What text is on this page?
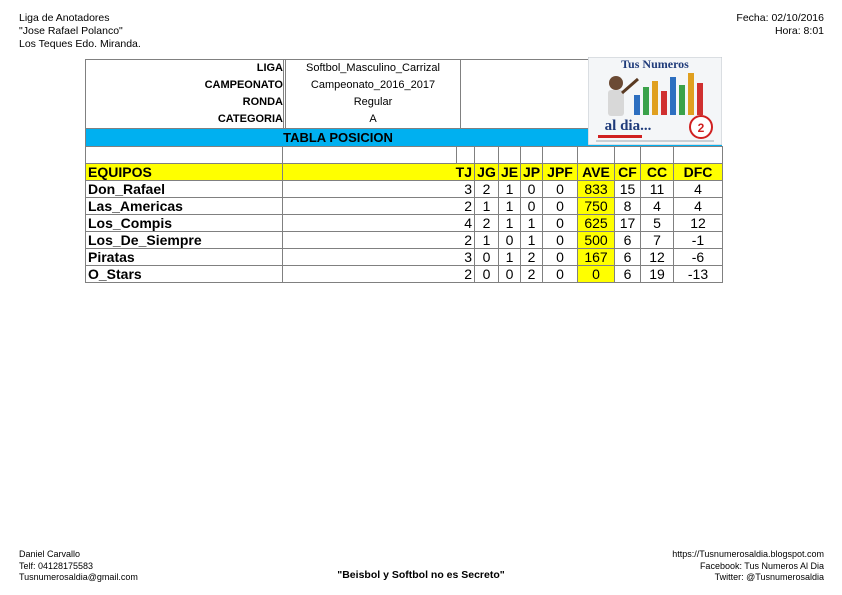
Liga de Anotadores
"Jose Rafael Polanco"
Los Teques Edo. Miranda.
Fecha: 02/10/2016
Hora: 8:01
LIGA	Softbol_Masculino_Carrizal
CAMPEONATO	Campeonato_2016_2017
RONDA	Regular
CATEGORIA	A
TABLA POSICION
Tus Numeros
al dia...	2

EQUIPOS	TJ		JG	JE	JP	JPF	AVE	CF	CC	DFC
Don_Rafael	3		2	1	0	0	833	15	11	4
Las_Americas	2		1	1	0	0	750	8	4	4
Los_Compis	4		2	1	1	0	625	17	5	12
Los_De_Siempre	2		1	0	1	0	500	6	7	-1
Piratas	3		0	1	2	0	167	6	12	-6
O_Stars	2		0	0	2	0	0	6	19	-13
Daniel Carvallo
Telf: 04128175583
Tusnumerosaldia@gmail.com	"Beisbol y Softbol no es Secreto"
https://Tusnumerosaldia.blogspot.com
Facebook: Tus Numeros Al Dia
Twitter: @Tusnumerosaldia
